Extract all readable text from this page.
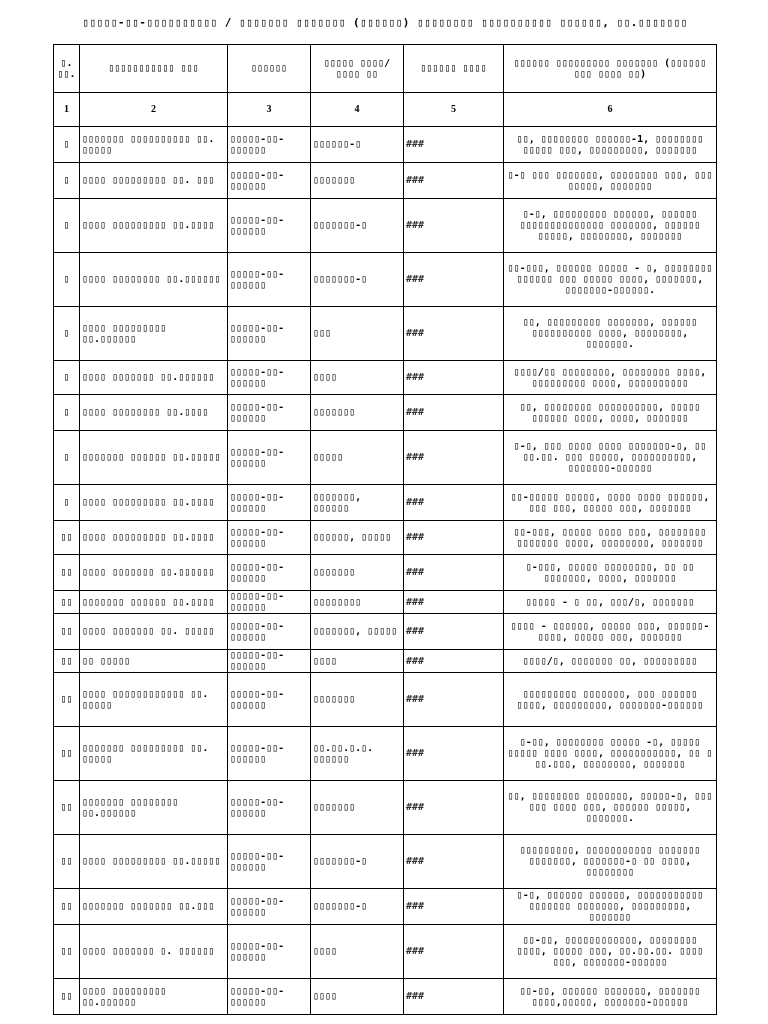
▯▯▯▯▯-▯▯-▯▯▯▯▯▯▯▯▯▯ / ▯▯▯▯▯▯▯ ▯▯▯▯▯▯▯ (▯▯▯▯▯▯) ▯▯▯▯▯▯▯▯ ▯▯▯▯▯▯▯▯▯▯ ▯▯▯▯▯▯, ▯▯.▯▯▯▯▯▯▯
▯. ▯▯.	▯▯▯▯▯▯▯▯▯▯▯ ▯▯▯	▯▯▯▯▯▯	▯▯▯▯▯ ▯▯▯▯/▯▯▯▯ ▯▯	▯▯▯▯▯▯ ▯▯▯▯	▯▯▯▯▯▯ ▯▯▯▯▯▯▯▯▯ ▯▯▯▯▯▯▯ (▯▯▯▯▯▯ ▯▯▯ ▯▯▯▯ ▯▯)
1	2	3	4	5	6
▯	▯▯▯▯▯▯▯ ▯▯▯▯▯▯▯▯▯▯ ▯▯. ▯▯▯▯▯	▯▯▯▯▯-▯▯-▯▯▯▯▯▯	▯▯▯▯▯▯-▯	###	▯▯, ▯▯▯▯▯▯▯▯ ▯▯▯▯▯▯-1, ▯▯▯▯▯▯▯▯ ▯▯▯▯▯ ▯▯▯, ▯▯▯▯▯▯▯▯▯, ▯▯▯▯▯▯▯
▯	▯▯▯▯ ▯▯▯▯▯▯▯▯▯ ▯▯. ▯▯▯	▯▯▯▯▯-▯▯-▯▯▯▯▯▯	▯▯▯▯▯▯▯	###	▯-▯ ▯▯▯ ▯▯▯▯▯▯▯, ▯▯▯▯▯▯▯▯ ▯▯▯, ▯▯▯ ▯▯▯▯▯, ▯▯▯▯▯▯▯
▯	▯▯▯▯ ▯▯▯▯▯▯▯▯▯ ▯▯.▯▯▯▯	▯▯▯▯▯-▯▯-▯▯▯▯▯▯	▯▯▯▯▯▯▯-▯	###	▯-▯, ▯▯▯▯▯▯▯▯▯ ▯▯▯▯▯▯, ▯▯▯▯▯▯ ▯▯▯▯▯▯▯▯▯▯▯▯▯▯ ▯▯▯▯▯▯▯, ▯▯▯▯▯▯ ▯▯▯▯▯, ▯▯▯▯▯▯▯▯, ▯▯▯▯▯▯▯
▯	▯▯▯▯ ▯▯▯▯▯▯▯▯ ▯▯.▯▯▯▯▯▯	▯▯▯▯▯-▯▯-▯▯▯▯▯▯	▯▯▯▯▯▯▯-▯	###	▯▯-▯▯▯, ▯▯▯▯▯▯ ▯▯▯▯▯ - ▯, ▯▯▯▯▯▯▯▯ ▯▯▯▯▯▯ ▯▯▯ ▯▯▯▯▯ ▯▯▯▯, ▯▯▯▯▯▯▯, ▯▯▯▯▯▯▯-▯▯▯▯▯▯.
▯	▯▯▯▯ ▯▯▯▯▯▯▯▯▯ ▯▯.▯▯▯▯▯▯	▯▯▯▯▯-▯▯-▯▯▯▯▯▯	▯▯▯	###	▯▯, ▯▯▯▯▯▯▯▯▯ ▯▯▯▯▯▯▯, ▯▯▯▯▯▯ ▯▯▯▯▯▯▯▯▯▯ ▯▯▯▯, ▯▯▯▯▯▯▯▯, ▯▯▯▯▯▯▯.
▯	▯▯▯▯ ▯▯▯▯▯▯▯ ▯▯.▯▯▯▯▯▯	▯▯▯▯▯-▯▯-▯▯▯▯▯▯	▯▯▯▯	###	▯▯▯▯/▯▯ ▯▯▯▯▯▯▯▯, ▯▯▯▯▯▯▯▯ ▯▯▯▯, ▯▯▯▯▯▯▯▯▯ ▯▯▯▯, ▯▯▯▯▯▯▯▯▯▯
▯	▯▯▯▯ ▯▯▯▯▯▯▯▯ ▯▯.▯▯▯▯	▯▯▯▯▯-▯▯-▯▯▯▯▯▯	▯▯▯▯▯▯▯	###	▯▯, ▯▯▯▯▯▯▯▯ ▯▯▯▯▯▯▯▯▯▯, ▯▯▯▯▯ ▯▯▯▯▯▯ ▯▯▯▯, ▯▯▯▯, ▯▯▯▯▯▯▯
▯	▯▯▯▯▯▯▯ ▯▯▯▯▯▯ ▯▯.▯▯▯▯▯	▯▯▯▯▯-▯▯-▯▯▯▯▯▯	▯▯▯▯▯	###	▯-▯, ▯▯▯ ▯▯▯▯ ▯▯▯▯ ▯▯▯▯▯▯▯-▯, ▯▯ ▯▯.▯▯. ▯▯▯ ▯▯▯▯▯, ▯▯▯▯▯▯▯▯▯▯, ▯▯▯▯▯▯▯-▯▯▯▯▯▯
▯	▯▯▯▯ ▯▯▯▯▯▯▯▯▯ ▯▯.▯▯▯▯	▯▯▯▯▯-▯▯-▯▯▯▯▯▯	▯▯▯▯▯▯▯, ▯▯▯▯▯▯	###	▯▯-▯▯▯▯▯ ▯▯▯▯▯, ▯▯▯▯ ▯▯▯▯ ▯▯▯▯▯▯, ▯▯▯ ▯▯▯, ▯▯▯▯▯ ▯▯▯, ▯▯▯▯▯▯▯
▯▯	▯▯▯▯ ▯▯▯▯▯▯▯▯▯ ▯▯.▯▯▯▯	▯▯▯▯▯-▯▯-▯▯▯▯▯▯	▯▯▯▯▯▯, ▯▯▯▯▯	###	▯▯-▯▯▯, ▯▯▯▯▯ ▯▯▯▯ ▯▯▯, ▯▯▯▯▯▯▯▯ ▯▯▯▯▯▯▯ ▯▯▯▯, ▯▯▯▯▯▯▯▯, ▯▯▯▯▯▯▯
▯▯	▯▯▯▯ ▯▯▯▯▯▯▯ ▯▯.▯▯▯▯▯▯	▯▯▯▯▯-▯▯-▯▯▯▯▯▯	▯▯▯▯▯▯▯	###	▯-▯▯▯, ▯▯▯▯▯ ▯▯▯▯▯▯▯▯, ▯▯ ▯▯ ▯▯▯▯▯▯▯, ▯▯▯▯, ▯▯▯▯▯▯▯
▯▯	▯▯▯▯▯▯▯ ▯▯▯▯▯▯ ▯▯.▯▯▯▯	▯▯▯▯▯-▯▯-▯▯▯▯▯▯	▯▯▯▯▯▯▯▯	###	▯▯▯▯▯ - ▯ ▯▯, ▯▯▯/▯, ▯▯▯▯▯▯▯
▯▯	▯▯▯▯ ▯▯▯▯▯▯▯ ▯▯. ▯▯▯▯▯	▯▯▯▯▯-▯▯-▯▯▯▯▯▯	▯▯▯▯▯▯▯, ▯▯▯▯▯	###	▯▯▯▯ - ▯▯▯▯▯▯, ▯▯▯▯▯ ▯▯▯, ▯▯▯▯▯▯-▯▯▯▯, ▯▯▯▯▯ ▯▯▯, ▯▯▯▯▯▯▯
▯▯	▯▯ ▯▯▯▯▯	▯▯▯▯▯-▯▯-▯▯▯▯▯▯	▯▯▯▯	###	▯▯▯▯/▯, ▯▯▯▯▯▯▯ ▯▯, ▯▯▯▯▯▯▯▯▯
▯▯	▯▯▯▯ ▯▯▯▯▯▯▯▯▯▯▯▯ ▯▯. ▯▯▯▯▯	▯▯▯▯▯-▯▯-▯▯▯▯▯▯	▯▯▯▯▯▯▯	###	▯▯▯▯▯▯▯▯▯ ▯▯▯▯▯▯▯, ▯▯▯ ▯▯▯▯▯▯ ▯▯▯▯, ▯▯▯▯▯▯▯▯▯, ▯▯▯▯▯▯▯-▯▯▯▯▯▯
▯▯	▯▯▯▯▯▯▯ ▯▯▯▯▯▯▯▯▯ ▯▯. ▯▯▯▯▯	▯▯▯▯▯-▯▯-▯▯▯▯▯▯	▯▯.▯▯.▯.▯. ▯▯▯▯▯▯	###	▯-▯▯, ▯▯▯▯▯▯▯▯ ▯▯▯▯▯ -▯, ▯▯▯▯▯ ▯▯▯▯▯ ▯▯▯▯ ▯▯▯▯, ▯▯▯▯▯▯▯▯▯▯▯, ▯▯ ▯ ▯▯.▯▯▯, ▯▯▯▯▯▯▯▯, ▯▯▯▯▯▯▯
▯▯	▯▯▯▯▯▯▯ ▯▯▯▯▯▯▯▯ ▯▯.▯▯▯▯▯▯	▯▯▯▯▯-▯▯-▯▯▯▯▯▯	▯▯▯▯▯▯▯	###	▯▯, ▯▯▯▯▯▯▯▯ ▯▯▯▯▯▯▯, ▯▯▯▯▯-▯, ▯▯▯ ▯▯▯ ▯▯▯▯ ▯▯▯, ▯▯▯▯▯▯ ▯▯▯▯▯, ▯▯▯▯▯▯▯.
▯▯	▯▯▯▯ ▯▯▯▯▯▯▯▯▯ ▯▯.▯▯▯▯▯	▯▯▯▯▯-▯▯-▯▯▯▯▯▯	▯▯▯▯▯▯▯-▯	###	▯▯▯▯▯▯▯▯▯, ▯▯▯▯▯▯▯▯▯▯▯ ▯▯▯▯▯▯▯ ▯▯▯▯▯▯▯, ▯▯▯▯▯▯▯-▯ ▯▯ ▯▯▯▯, ▯▯▯▯▯▯▯▯
▯▯	▯▯▯▯▯▯▯ ▯▯▯▯▯▯▯ ▯▯.▯▯▯	▯▯▯▯▯-▯▯-▯▯▯▯▯▯	▯▯▯▯▯▯▯-▯	###	▯-▯, ▯▯▯▯▯▯ ▯▯▯▯▯▯, ▯▯▯▯▯▯▯▯▯▯▯ ▯▯▯▯▯▯▯ ▯▯▯▯▯▯▯, ▯▯▯▯▯▯▯▯▯, ▯▯▯▯▯▯▯
▯▯	▯▯▯▯ ▯▯▯▯▯▯▯ ▯. ▯▯▯▯▯▯	▯▯▯▯▯-▯▯-▯▯▯▯▯▯	▯▯▯▯	###	▯▯-▯▯, ▯▯▯▯▯▯▯▯▯▯▯▯, ▯▯▯▯▯▯▯▯ ▯▯▯▯, ▯▯▯▯▯ ▯▯▯, ▯▯.▯▯.▯▯. ▯▯▯▯ ▯▯▯, ▯▯▯▯▯▯▯-▯▯▯▯▯▯
▯▯	▯▯▯▯ ▯▯▯▯▯▯▯▯▯ ▯▯.▯▯▯▯▯▯	▯▯▯▯▯-▯▯-▯▯▯▯▯▯	▯▯▯▯	###	▯▯-▯▯, ▯▯▯▯▯▯ ▯▯▯▯▯▯▯, ▯▯▯▯▯▯▯ ▯▯▯▯,▯▯▯▯▯, ▯▯▯▯▯▯▯-▯▯▯▯▯▯
